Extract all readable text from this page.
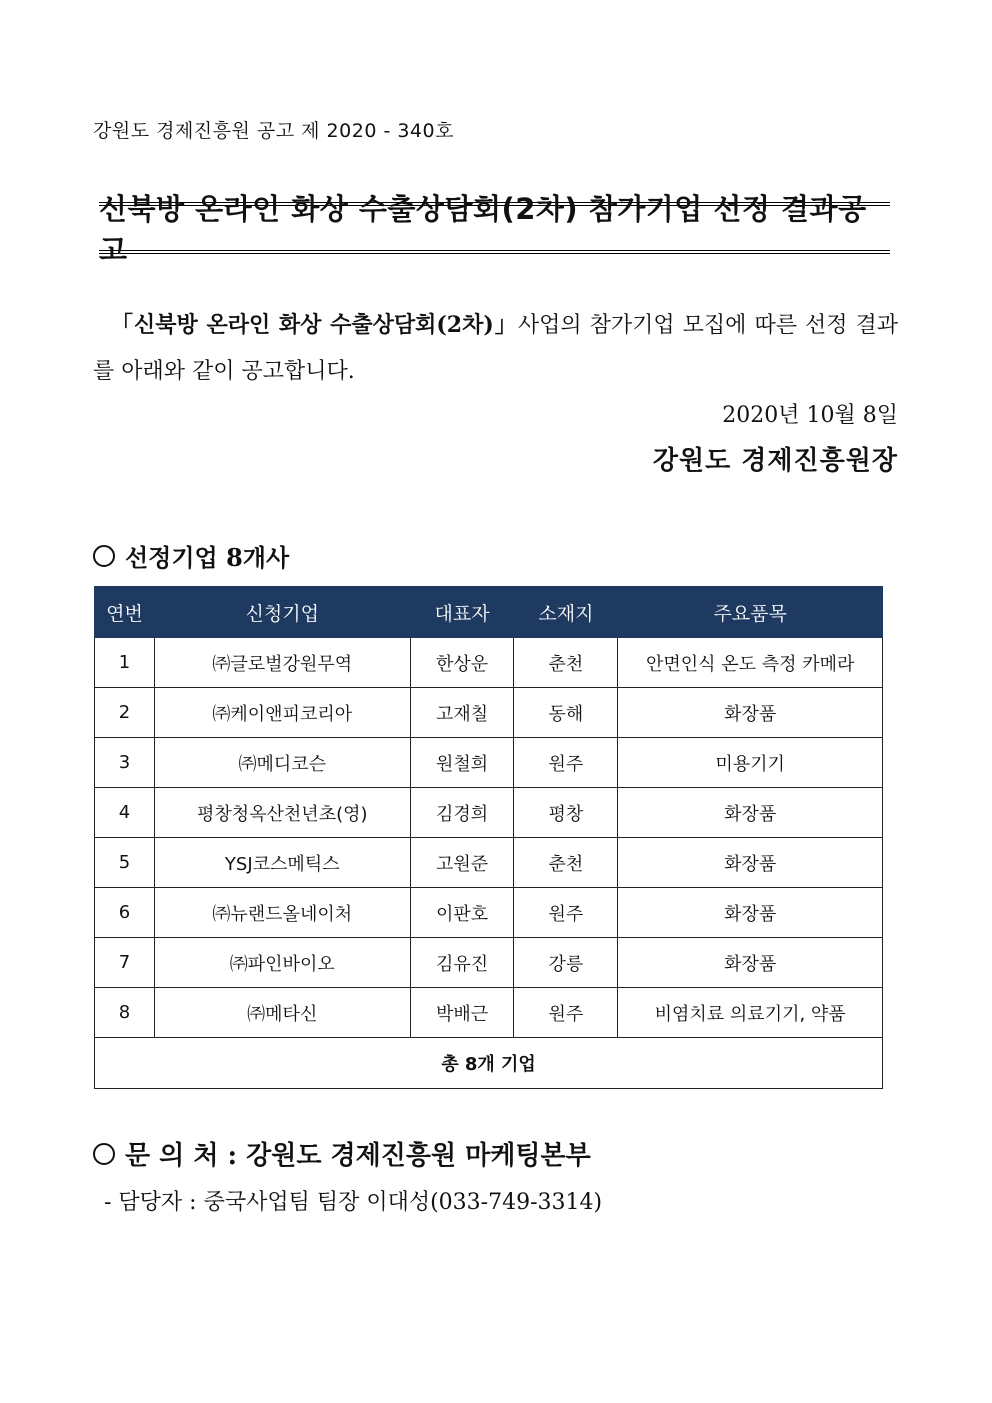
강원도 경제진흥원 공고 제 2020 - 340호
신북방 온라인 화상 수출상담회(2차) 참가기업 선정 결과공고
「신북방 온라인 화상 수출상담회(2차)」사업의 참가기업 모집에 따른 선정 결과를 아래와 같이 공고합니다.
2020년 10월 8일
강원도 경제진흥원장
선정기업 8개사
연번	신청기업	대표자	소재지	주요품목
1	㈜글로벌강원무역	한상운	춘천	안면인식 온도 측정 카메라
2	㈜케이앤피코리아	고재칠	동해	화장품
3	㈜메디코슨	원철희	원주	미용기기
4	평창청옥산천년초(영)	김경희	평창	화장품
5	YSJ코스메틱스	고원준	춘천	화장품
6	㈜뉴랜드올네이처	이판호	원주	화장품
7	㈜파인바이오	김유진	강릉	화장품
8	㈜메타신	박배근	원주	비염치료 의료기기, 약품
총 8개 기업				
문 의 처 : 강원도 경제진흥원 마케팅본부
- 담당자 : 중국사업팀 팀장 이대성(033-749-3314)
